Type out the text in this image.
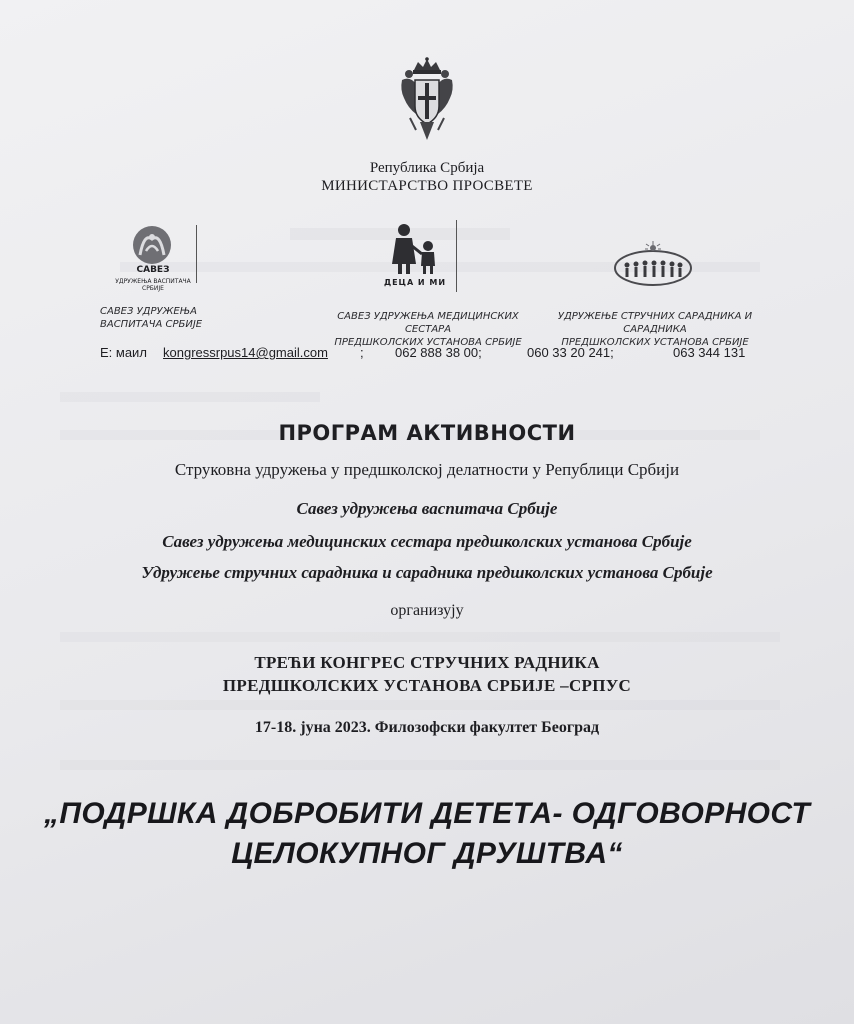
Република Србија
МИНИСТАРСТВО ПРОСВЕТЕ
САВЕЗ
УДРУЖЕЊА ВАСПИТАЧА СРБИЈЕ
САВЕЗ УДРУЖЕЊА
ВАСПИТАЧА СРБИЈЕ
ДЕЦА И МИ
САВЕЗ УДРУЖЕЊА МЕДИЦИНСКИХ СЕСТАРА
ПРЕДШКОЛСКИХ УСТАНОВА СРБИЈЕ
УДРУЖЕЊЕ СТРУЧНИХ САРАДНИКА И САРАДНИКА
ПРЕДШКОЛСКИХ УСТАНОВА СРБИЈЕ
Е: маил kongressrpus14@gmail.com ; 062 888 38 00;	060 33 20 241;	063 344 131
ПРОГРАМ АКТИВНОСТИ
Струковна удружења у предшколској делатности у Републици Србији
Савез удружења васпитача Србије
Савез удружења медицинских сестара предшколских установа Србије
Удружење стручних сарадника и сарадника предшколских установа Србије
организују
ТРЕЋИ КОНГРЕС СТРУЧНИХ РАДНИКА
ПРЕДШКОЛСКИХ УСТАНОВА СРБИЈЕ –СРПУС
17-18. јуна 2023. Филозофски факултет Београд
„ПОДРШКА ДОБРОБИТИ ДЕТЕТА- ОДГОВОРНОСТ
ЦЕЛОКУПНОГ ДРУШТВА“
